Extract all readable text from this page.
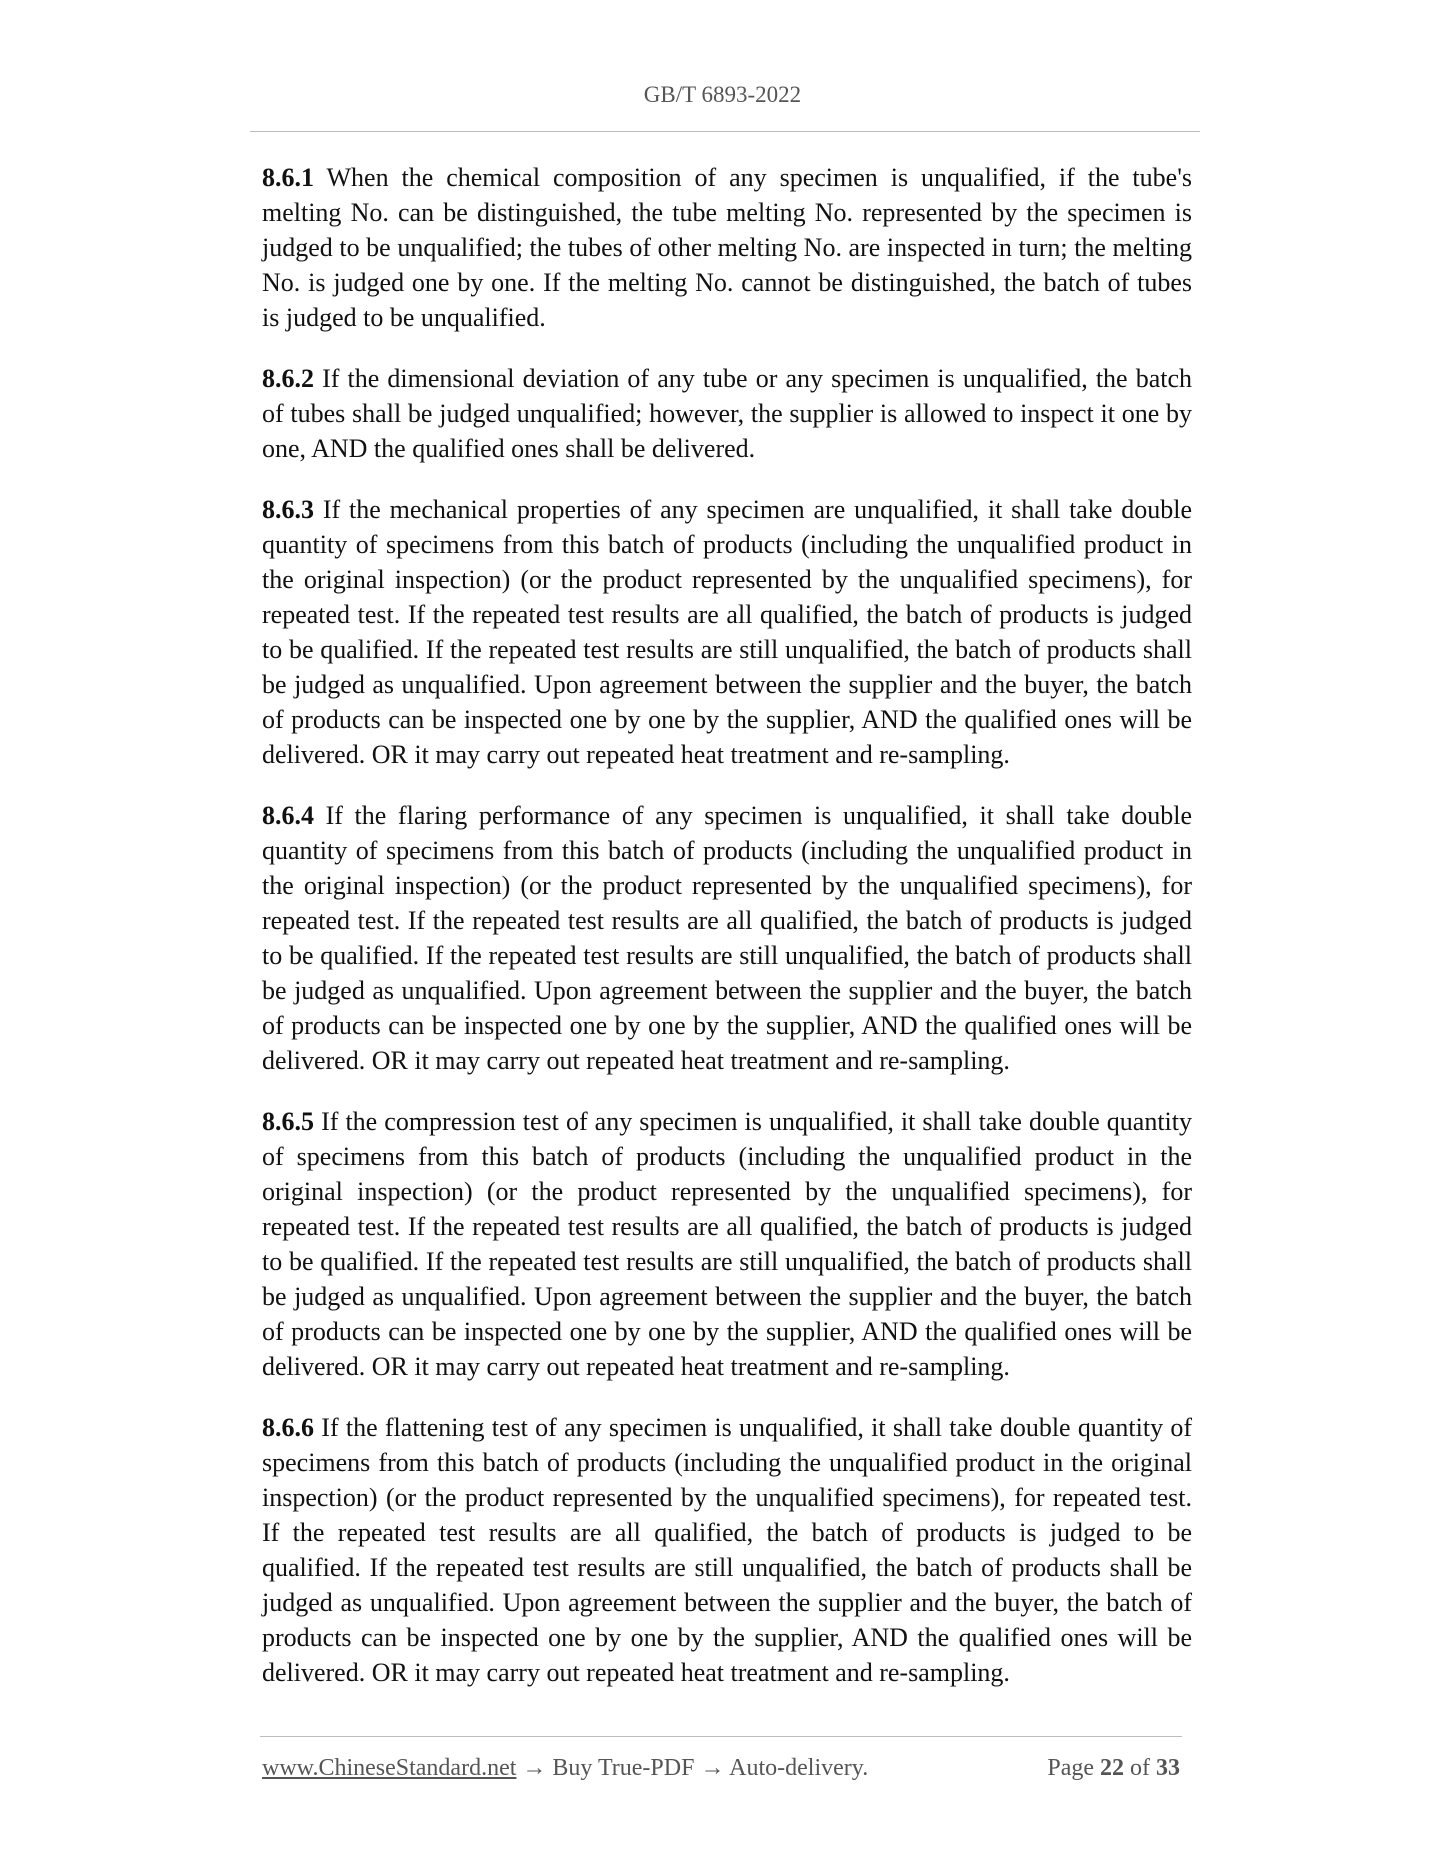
GB/T 6893-2022

8.6.1 When the chemical composition of any specimen is unqualified, if the tube's melting No. can be distinguished, the tube melting No. represented by the specimen is judged to be unqualified; the tubes of other melting No. are inspected in turn; the melting No. is judged one by one. If the melting No. cannot be distinguished, the batch of tubes is judged to be unqualified.

8.6.2 If the dimensional deviation of any tube or any specimen is unqualified, the batch of tubes shall be judged unqualified; however, the supplier is allowed to inspect it one by one, AND the qualified ones shall be delivered.

8.6.3 If the mechanical properties of any specimen are unqualified, it shall take double quantity of specimens from this batch of products (including the unqualified product in the original inspection) (or the product represented by the unqualified specimens), for repeated test. If the repeated test results are all qualified, the batch of products is judged to be qualified. If the repeated test results are still unqualified, the batch of products shall be judged as unqualified. Upon agreement between the supplier and the buyer, the batch of products can be inspected one by one by the supplier, AND the qualified ones will be delivered. OR it may carry out repeated heat treatment and re-sampling.

8.6.4 If the flaring performance of any specimen is unqualified, it shall take double quantity of specimens from this batch of products (including the unqualified product in the original inspection) (or the product represented by the unqualified specimens), for repeated test. If the repeated test results are all qualified, the batch of products is judged to be qualified. If the repeated test results are still unqualified, the batch of products shall be judged as unqualified. Upon agreement between the supplier and the buyer, the batch of products can be inspected one by one by the supplier, AND the qualified ones will be delivered. OR it may carry out repeated heat treatment and re-sampling.

8.6.5 If the compression test of any specimen is unqualified, it shall take double quantity of specimens from this batch of products (including the unqualified product in the original inspection) (or the product represented by the unqualified specimens), for repeated test. If the repeated test results are all qualified, the batch of products is judged to be qualified. If the repeated test results are still unqualified, the batch of products shall be judged as unqualified. Upon agreement between the supplier and the buyer, the batch of products can be inspected one by one by the supplier, AND the qualified ones will be delivered. OR it may carry out repeated heat treatment and re-sampling.

8.6.6 If the flattening test of any specimen is unqualified, it shall take double quantity of specimens from this batch of products (including the unqualified product in the original inspection) (or the product represented by the unqualified specimens), for repeated test. If the repeated test results are all qualified, the batch of products is judged to be qualified. If the repeated test results are still unqualified, the batch of products shall be judged as unqualified. Upon agreement between the supplier and the buyer, the batch of products can be inspected one by one by the supplier, AND the qualified ones will be delivered. OR it may carry out repeated heat treatment and re-sampling.

www.ChineseStandard.net → Buy True-PDF → Auto-delivery.	Page 22 of 33
